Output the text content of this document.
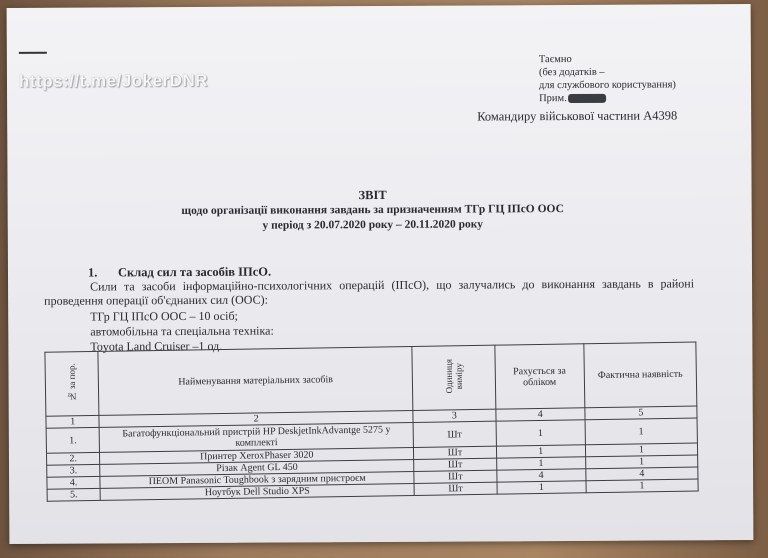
https://t.me/JokerDNR
Таємно
(без додатків –
для службового користування)
Прим.
Командиру військової частини А4398
ЗВІТ
щодо організації виконання завдань за призначенням ТГр ГЦ ІПсО ООС
у період з 20.07.2020 року – 20.11.2020 року
1. Склад сил та засобів ІПсО.
Сили та засоби інформаційно-психологічних операцій (ІПсО), що залучались до виконання завдань в районі
проведення операції об'єднаних сил (ООС):
ТГр ГЦ ІПсО ООС – 10 осіб;
автомобільна та спеціальна техніка:
Toyota Land Cruiser –1 од.
№ за пор.	Найменування матеріальних засобів	Одиниця виміру	Рахується за обліком	Фактична наявність
1	2	3	4	5
1.	Багатофункціональний пристрій HP DeskjetInkAdvantge 5275 у комплекті	Шт	1	1
2.	Принтер XeroxPhaser 3020	Шт	1	1
3.	Різак Agent GL 450	Шт	1	1
4.	ПЕОМ Panasonic Toughbook з зарядним пристроєм	Шт	4	4
5.	Ноутбук Dell Studio XPS	Шт	1	1
